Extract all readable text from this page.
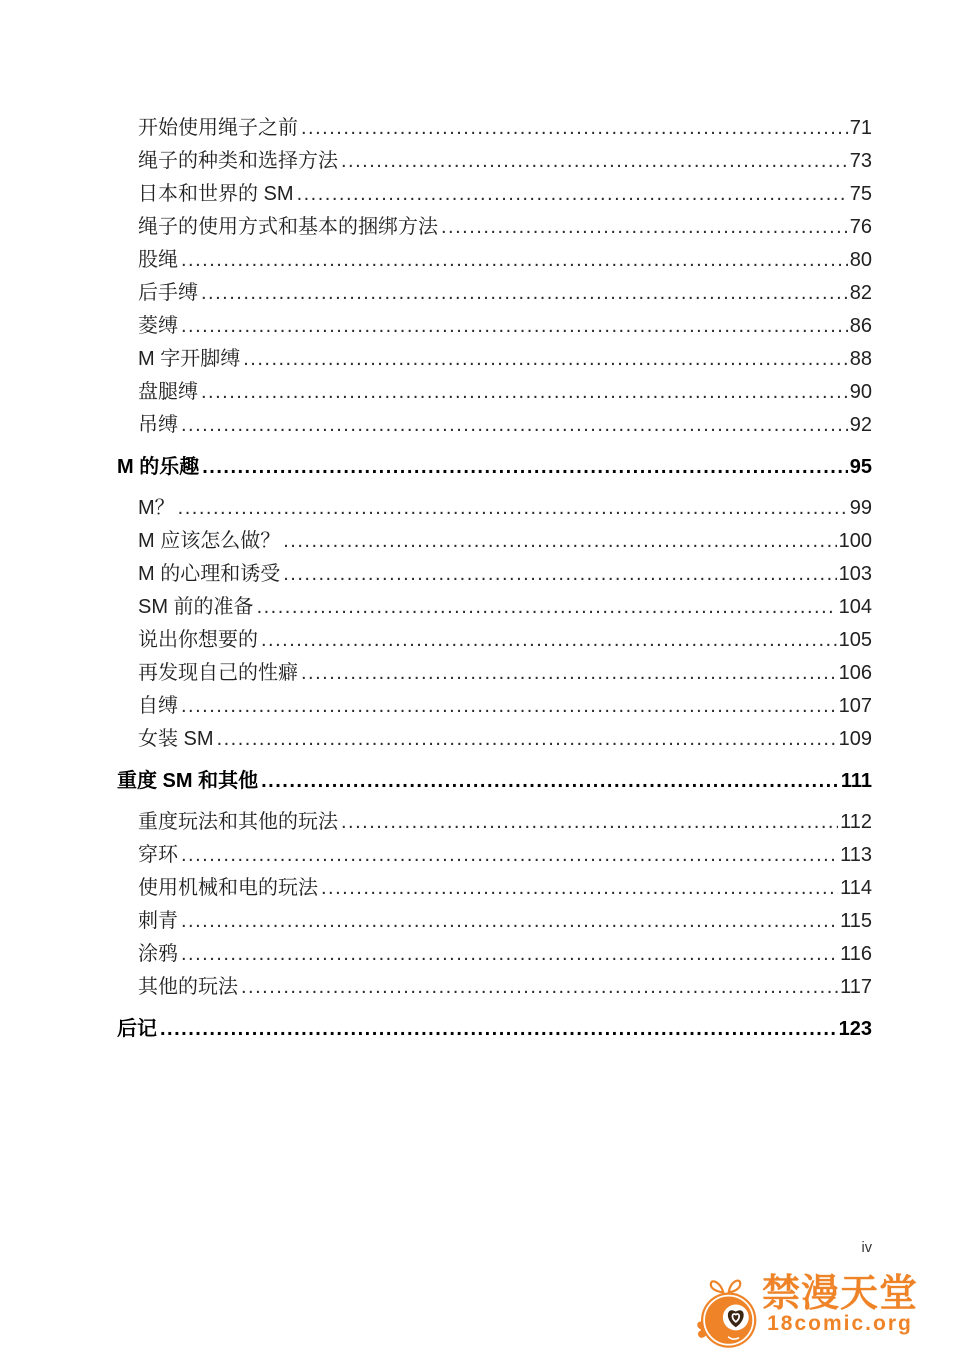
开始使用绳子之前 .....	71
绳子的种类和选择方法 .....	73
日本和世界的 SM .....	75
绳子的使用方式和基本的捆绑方法 .....	76
股绳 .....	80
后手缚 .....	82
菱缚 .....	86
M 字开脚缚 .....	88
盘腿缚 .....	90
吊缚 .....	92
M 的乐趣 .....	95
M？ .....	99
M 应该怎么做？ .....	100
M 的心理和诱受 .....	103
SM 前的准备 .....	104
说出你想要的 .....	105
再发现自己的性癖 .....	106
自缚 .....	107
女装 SM .....	109
重度 SM 和其他 .....	111
重度玩法和其他的玩法 .....	112
穿环 .....	113
使用机械和电的玩法 .....	114
刺青 .....	115
涂鸦 .....	116
其他的玩法 .....	117
后记 .....	123
iv
禁漫天堂
18comic.org
